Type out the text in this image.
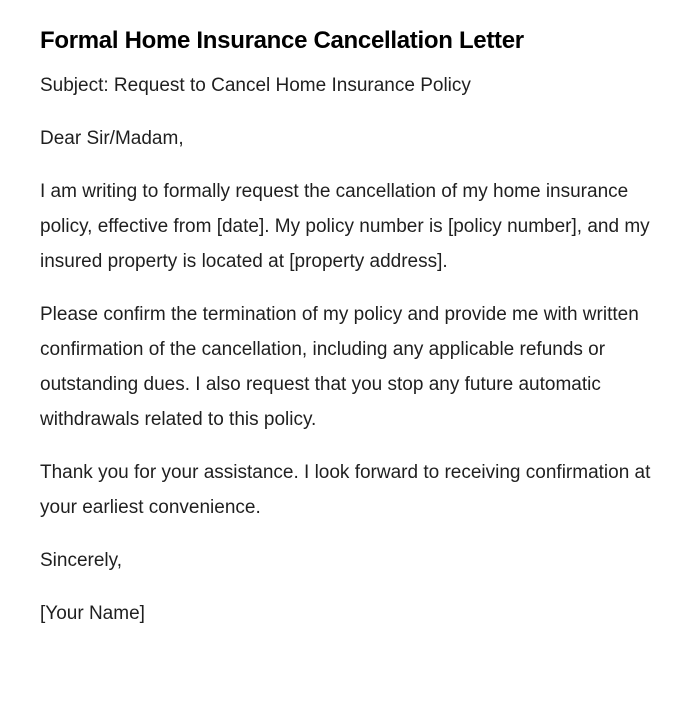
Formal Home Insurance Cancellation Letter

Subject: Request to Cancel Home Insurance Policy

Dear Sir/Madam,

I am writing to formally request the cancellation of my home insurance policy, effective from [date]. My policy number is [policy number], and my insured property is located at [property address].

Please confirm the termination of my policy and provide me with written confirmation of the cancellation, including any applicable refunds or outstanding dues. I also request that you stop any future automatic withdrawals related to this policy.

Thank you for your assistance. I look forward to receiving confirmation at your earliest convenience.

Sincerely,

[Your Name]
